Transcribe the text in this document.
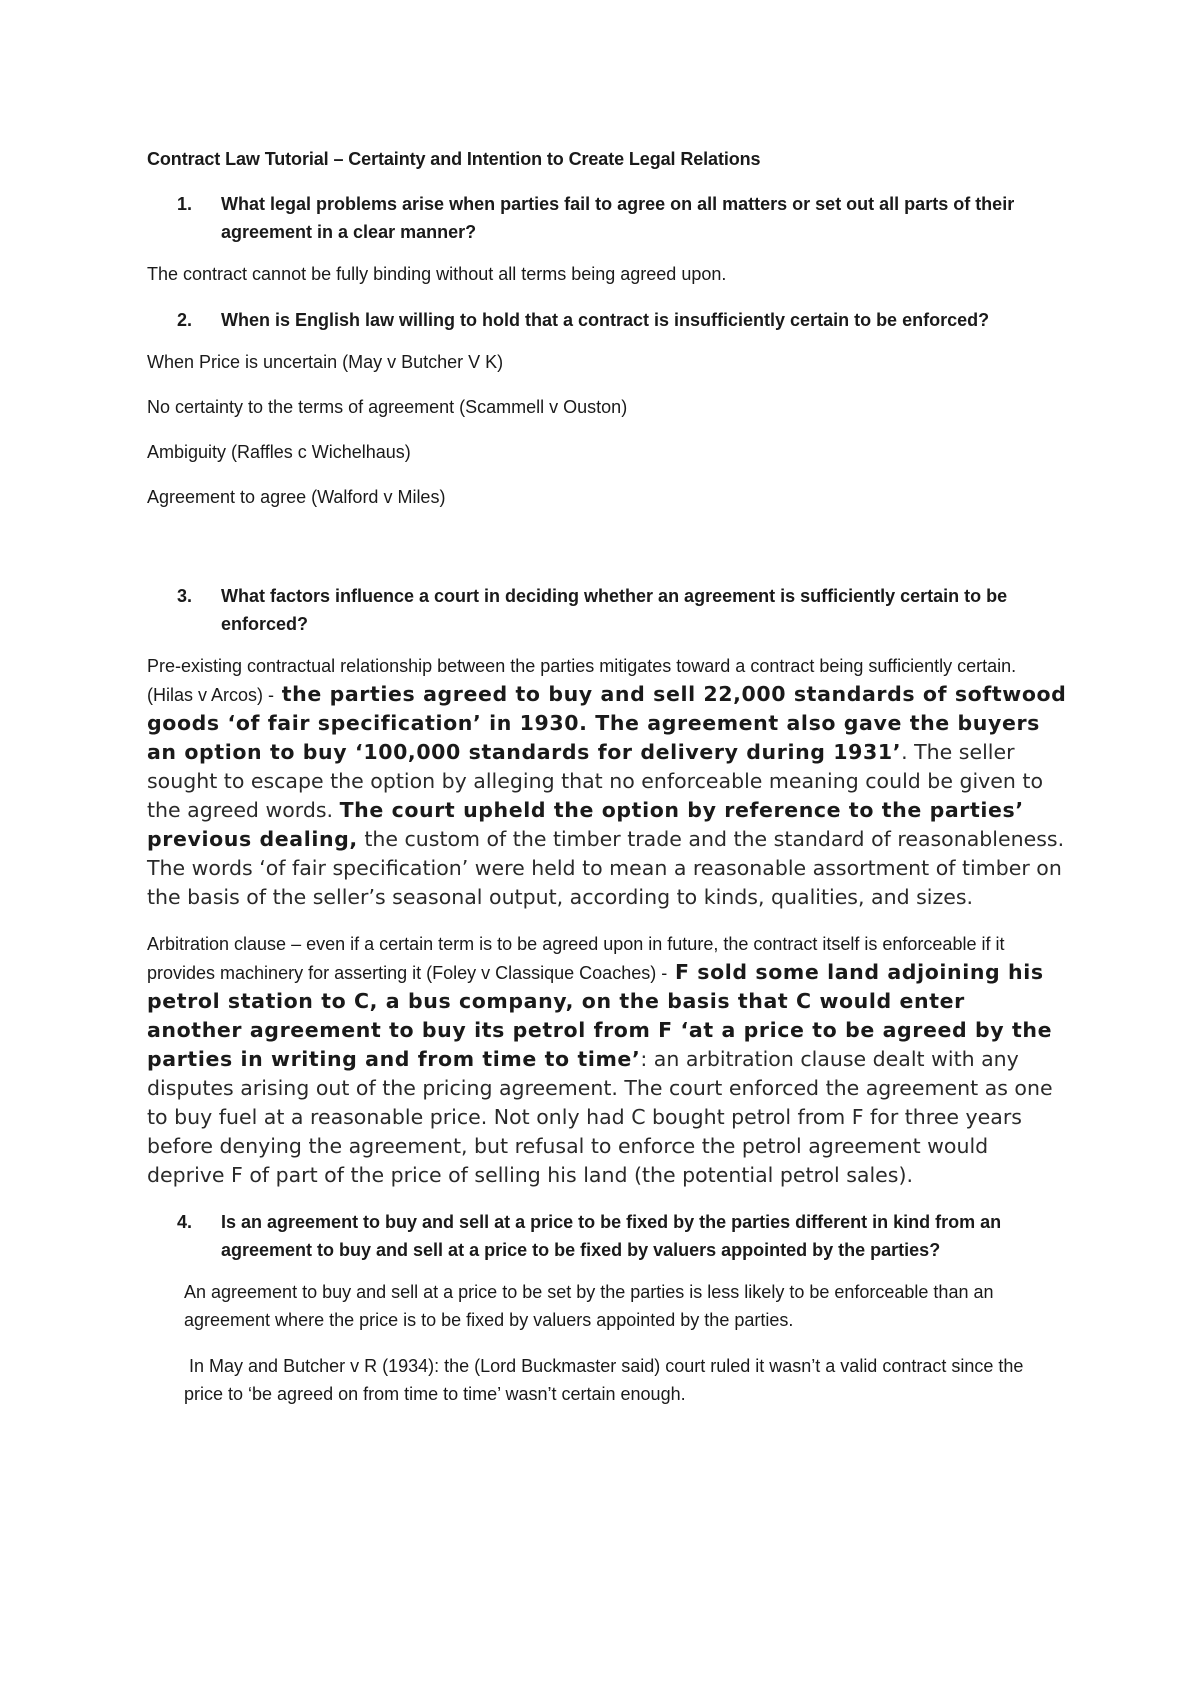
Contract Law Tutorial – Certainty and Intention to Create Legal Relations
1.	What legal problems arise when parties fail to agree on all matters or set out all parts of their agreement in a clear manner?

The contract cannot be fully binding without all terms being agreed upon.

2.	When is English law willing to hold that a contract is insufficiently certain to be enforced?

When Price is uncertain (May v Butcher V K)

No certainty to the terms of agreement (Scammell v Ouston)

Ambiguity (Raffles c Wichelhaus)

Agreement to agree (Walford v Miles)

3.	What factors influence a court in deciding whether an agreement is sufficiently certain to be enforced?

Pre-existing contractual relationship between the parties mitigates toward a contract being sufficiently certain. (Hilas v Arcos) - the parties agreed to buy and sell 22,000 standards of softwood goods ‘of fair specification’ in 1930. The agreement also gave the buyers an option to buy ‘100,000 standards for delivery during 1931’. The seller sought to escape the option by alleging that no enforceable meaning could be given to the agreed words. The court upheld the option by reference to the parties’ previous dealing, the custom of the timber trade and the standard of reasonableness. The words ‘of fair specification’ were held to mean a reasonable assortment of timber on the basis of the seller’s seasonal output, according to kinds, qualities, and sizes.

Arbitration clause – even if a certain term is to be agreed upon in future, the contract itself is enforceable if it provides machinery for asserting it (Foley v Classique Coaches) - F sold some land adjoining his petrol station to C, a bus company, on the basis that C would enter another agreement to buy its petrol from F ‘at a price to be agreed by the parties in writing and from time to time’: an arbitration clause dealt with any disputes arising out of the pricing agreement. The court enforced the agreement as one to buy fuel at a reasonable price. Not only had C bought petrol from F for three years before denying the agreement, but refusal to enforce the petrol agreement would deprive F of part of the price of selling his land (the potential petrol sales).

4.	Is an agreement to buy and sell at a price to be fixed by the parties different in kind from an agreement to buy and sell at a price to be fixed by valuers appointed by the parties?

An agreement to buy and sell at a price to be set by the parties is less likely to be enforceable than an agreement where the price is to be fixed by valuers appointed by the parties.

In May and Butcher v R (1934): the (Lord Buckmaster said) court ruled it wasn’t a valid contract since the price to ‘be agreed on from time to time’ wasn’t certain enough.
